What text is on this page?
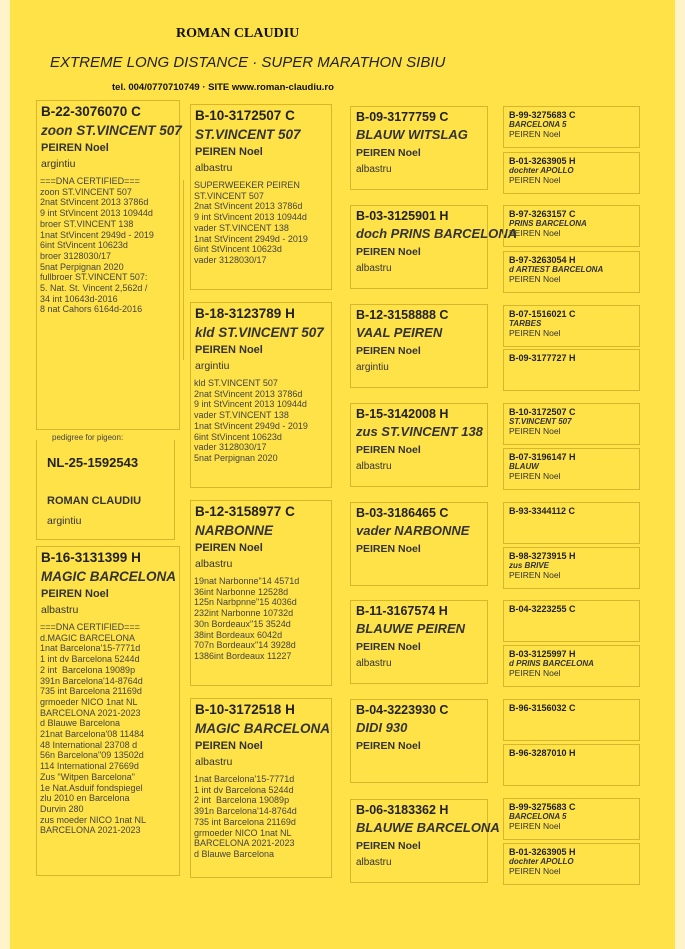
ROMAN CLAUDIU
EXTREME LONG DISTANCE · SUPER MARATHON SIBIU
tel. 004/0770710749 · SITE www.roman-claudiu.ro
B-22-3076070 C
zoon ST.VINCENT 507
PEIREN Noel
argintiu
===DNA CERTIFIED===
zoon ST.VINCENT 507
2nat StVincent 2013 3786d
9 int StVincent 2013 10944d
broer ST.VINCENT 138
1nat StVincent 2949d - 2019
6int StVincent 10623d
broer 3128030/17
5nat Perpignan 2020
fullbroer ST.VINCENT 507:
5. Nat. St. Vincent 2,562d /
34 int 10643d-2016
8 nat Cahors 6164d-2016
pedigree for pigeon:
NL-25-1592543
ROMAN CLAUDIU
argintiu
B-16-3131399 H
MAGIC BARCELONA
PEIREN Noel
albastru
===DNA CERTIFIED===
d.MAGIC BARCELONA
1nat Barcelona'15-7771d
1 int dv Barcelona 5244d
2 int  Barcelona 19089p
391n Barcelona'14-8764d
735 int Barcelona 21169d
grmoeder NICO 1nat NL
BARCELONA 2021-2023
d Blauwe Barcelona
21nat Barcelona'08 11484
48 International 23708 d
56n Barcelona"09 13502d
114 International 27669d
Zus "Witpen Barcelona"
1e Nat.Asduif fondspiegel
zlu 2010 en Barcelona
Durvin 280
zus moeder NICO 1nat NL
BARCELONA 2021-2023
B-10-3172507 C
ST.VINCENT 507
PEIREN Noel
albastru
SUPERWEEKER PEIREN
ST.VINCENT 507
2nat StVincent 2013 3786d
9 int StVincent 2013 10944d
vader ST.VINCENT 138
1nat StVincent 2949d - 2019
6int StVincent 10623d
vader 3128030/17
B-18-3123789 H
kld ST.VINCENT 507
PEIREN Noel
argintiu
kld ST.VINCENT 507
2nat StVincent 2013 3786d
9 int StVincent 2013 10944d
vader ST.VINCENT 138
1nat StVincent 2949d - 2019
6int StVincent 10623d
vader 3128030/17
5nat Perpignan 2020
B-12-3158977 C
NARBONNE
PEIREN Noel
albastru
19nat Narbonne"14 4571d
36int Narbonne 12528d
125n Narbpnne"15 4036d
232int Narbonne 10732d
30n Bordeaux"15 3524d
38int Bordeaux 6042d
707n Bordeaux"14 3928d
1386int Bordeaux 11227
B-10-3172518 H
MAGIC BARCELONA
PEIREN Noel
albastru
1nat Barcelona'15-7771d
1 int dv Barcelona 5244d
2 int  Barcelona 19089p
391n Barcelona'14-8764d
735 int Barcelona 21169d
grmoeder NICO 1nat NL
BARCELONA 2021-2023
d Blauwe Barcelona
B-09-3177759 C
BLAUW WITSLAG
PEIREN Noel
albastru
B-03-3125901 H
doch PRINS BARCELONA
PEIREN Noel
albastru
B-12-3158888 C
VAAL PEIREN
PEIREN Noel
argintiu
B-15-3142008 H
zus ST.VINCENT 138
PEIREN Noel
albastru
B-03-3186465 C
vader NARBONNE
PEIREN Noel
B-11-3167574 H
BLAUWE PEIREN
PEIREN Noel
albastru
B-04-3223930 C
DIDI 930
PEIREN Noel
B-06-3183362 H
BLAUWE BARCELONA
PEIREN Noel
albastru
B-99-3275683 C
BARCELONA 5
PEIREN Noel
B-01-3263905 H
dochter APOLLO
PEIREN Noel
B-97-3263157 C
PRINS BARCELONA
PEIREN Noel
B-97-3263054 H
d ARTIEST BARCELONA
PEIREN Noel
B-07-1516021 C
TARBES
PEIREN Noel
B-09-3177727 H
B-10-3172507 C
ST.VINCENT 507
PEIREN Noel
B-07-3196147 H
BLAUW
PEIREN Noel
B-93-3344112 C
B-98-3273915 H
zus BRIVE
PEIREN Noel
B-04-3223255 C
B-03-3125997 H
d PRINS BARCELONA
PEIREN Noel
B-96-3156032 C
B-96-3287010 H
B-99-3275683 C
BARCELONA 5
PEIREN Noel
B-01-3263905 H
dochter APOLLO
PEIREN Noel
